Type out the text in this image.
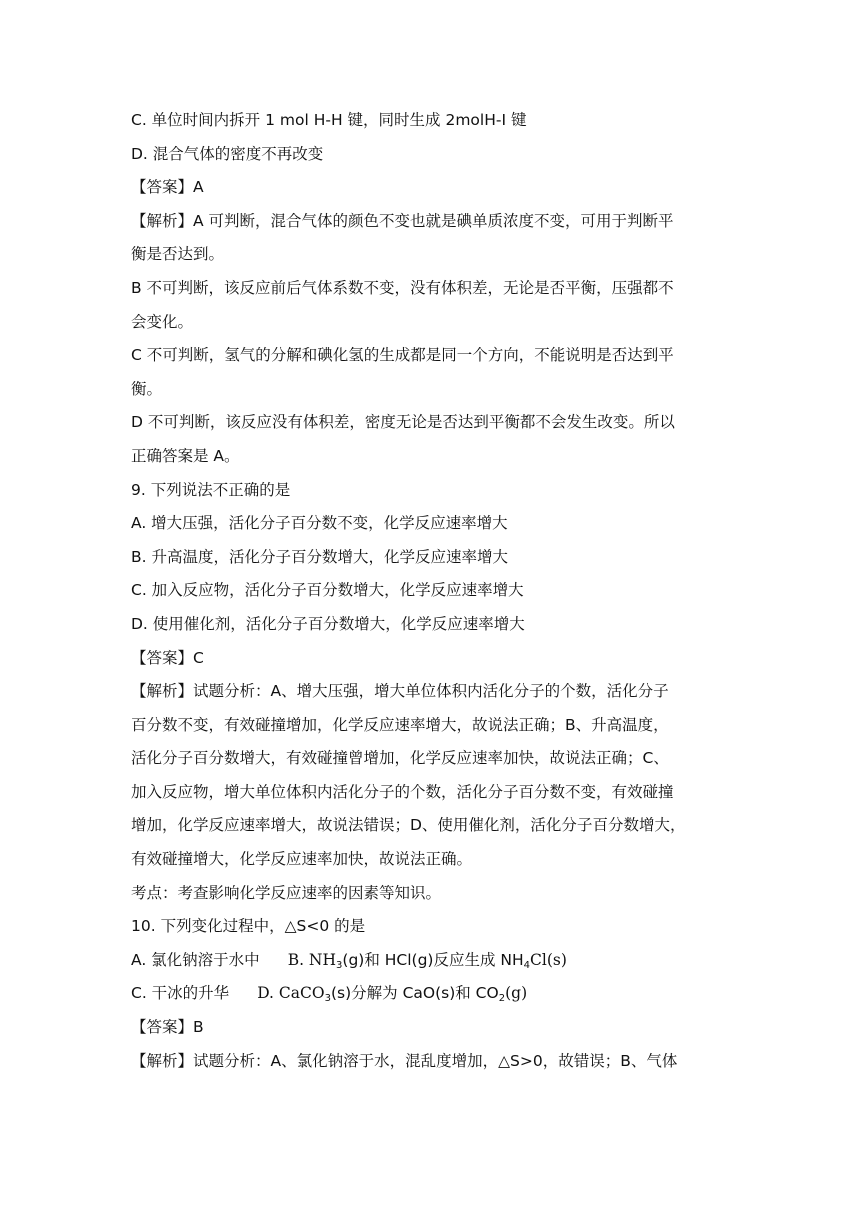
C. 单位时间内拆开 1 mol H-H 键，同时生成 2molH-I 键
D. 混合气体的密度不再改变
【答案】A
【解析】A 可判断，混合气体的颜色不变也就是碘单质浓度不变，可用于判断平
衡是否达到。
B 不可判断，该反应前后气体系数不变，没有体积差，无论是否平衡，压强都不
会变化。
C 不可判断，氢气的分解和碘化氢的生成都是同一个方向，不能说明是否达到平
衡。
D 不可判断，该反应没有体积差，密度无论是否达到平衡都不会发生改变。所以
正确答案是 A。
9. 下列说法不正确的是
A. 增大压强，活化分子百分数不变，化学反应速率增大
B. 升高温度，活化分子百分数增大，化学反应速率增大
C. 加入反应物，活化分子百分数增大，化学反应速率增大
D. 使用催化剂，活化分子百分数增大，化学反应速率增大
【答案】C
【解析】试题分析：A、增大压强，增大单位体积内活化分子的个数，活化分子
百分数不变，有效碰撞增加，化学反应速率增大，故说法正确；B、升高温度，
活化分子百分数增大，有效碰撞曾增加，化学反应速率加快，故说法正确；C、
加入反应物，增大单位体积内活化分子的个数，活化分子百分数不变，有效碰撞
增加，化学反应速率增大，故说法错误；D、使用催化剂，活化分子百分数增大，
有效碰撞增大，化学反应速率加快，故说法正确。
考点：考查影响化学反应速率的因素等知识。
10. 下列变化过程中，△S<0 的是
A. 氯化钠溶于水中 B. $NH_3(g)$和 HCl(g)反应生成 $NH_4Cl(s)$
C. 干冰的升华 D. CaCO$_3$(s)分解为 CaO(s)和 $CO_2(g)$
【答案】B
【解析】试题分析：A、氯化钠溶于水，混乱度增加，△S>0，故错误；B、气体
